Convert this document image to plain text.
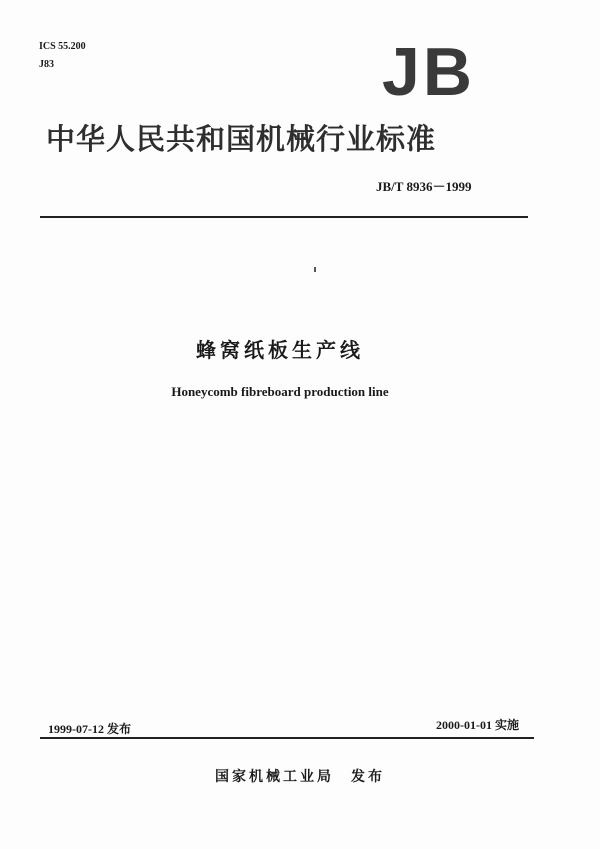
ICS 55.200
J83	JB
中华人民共和国机械行业标准
JB/T 8936－1999
蜂窝纸板生产线
Honeycomb fibreboard production line
1999-07-12 发布	2000-01-01 实施
国家机械工业局　发布
